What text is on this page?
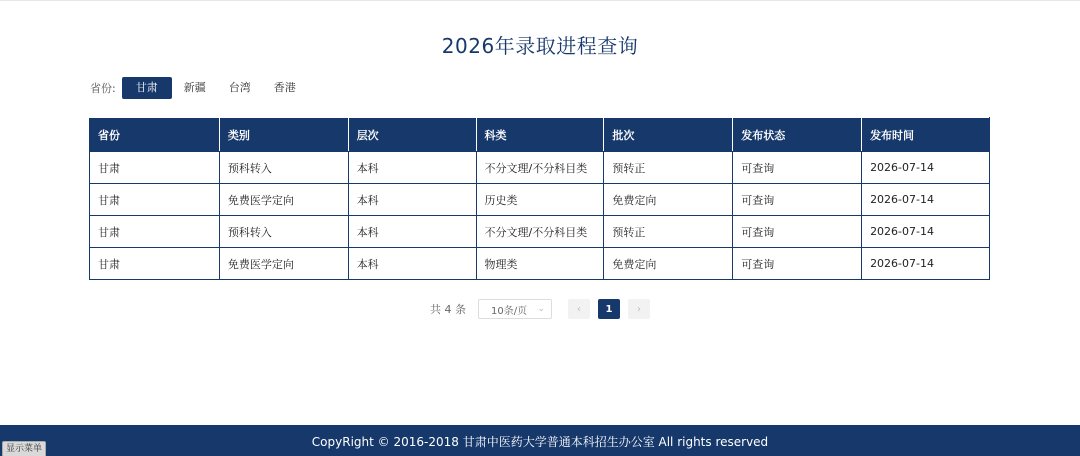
2026年录取进程查询
省份:	甘肃	新疆	台湾	香港
省份	类别	层次	科类	批次	发布状态	发布时间
甘肃	预科转入	本科	不分文理/不分科目类	预转正	可查询	2026-07-14
甘肃	免费医学定向	本科	历史类	免费定向	可查询	2026-07-14
甘肃	预科转入	本科	不分文理/不分科目类	预转正	可查询	2026-07-14
甘肃	免费医学定向	本科	物理类	免费定向	可查询	2026-07-14
共 4 条	10条/页 ⌄	‹	1	›
CopyRight © 2016-2018 甘肃中医药大学普通本科招生办公室 All rights reserved
显示菜单
